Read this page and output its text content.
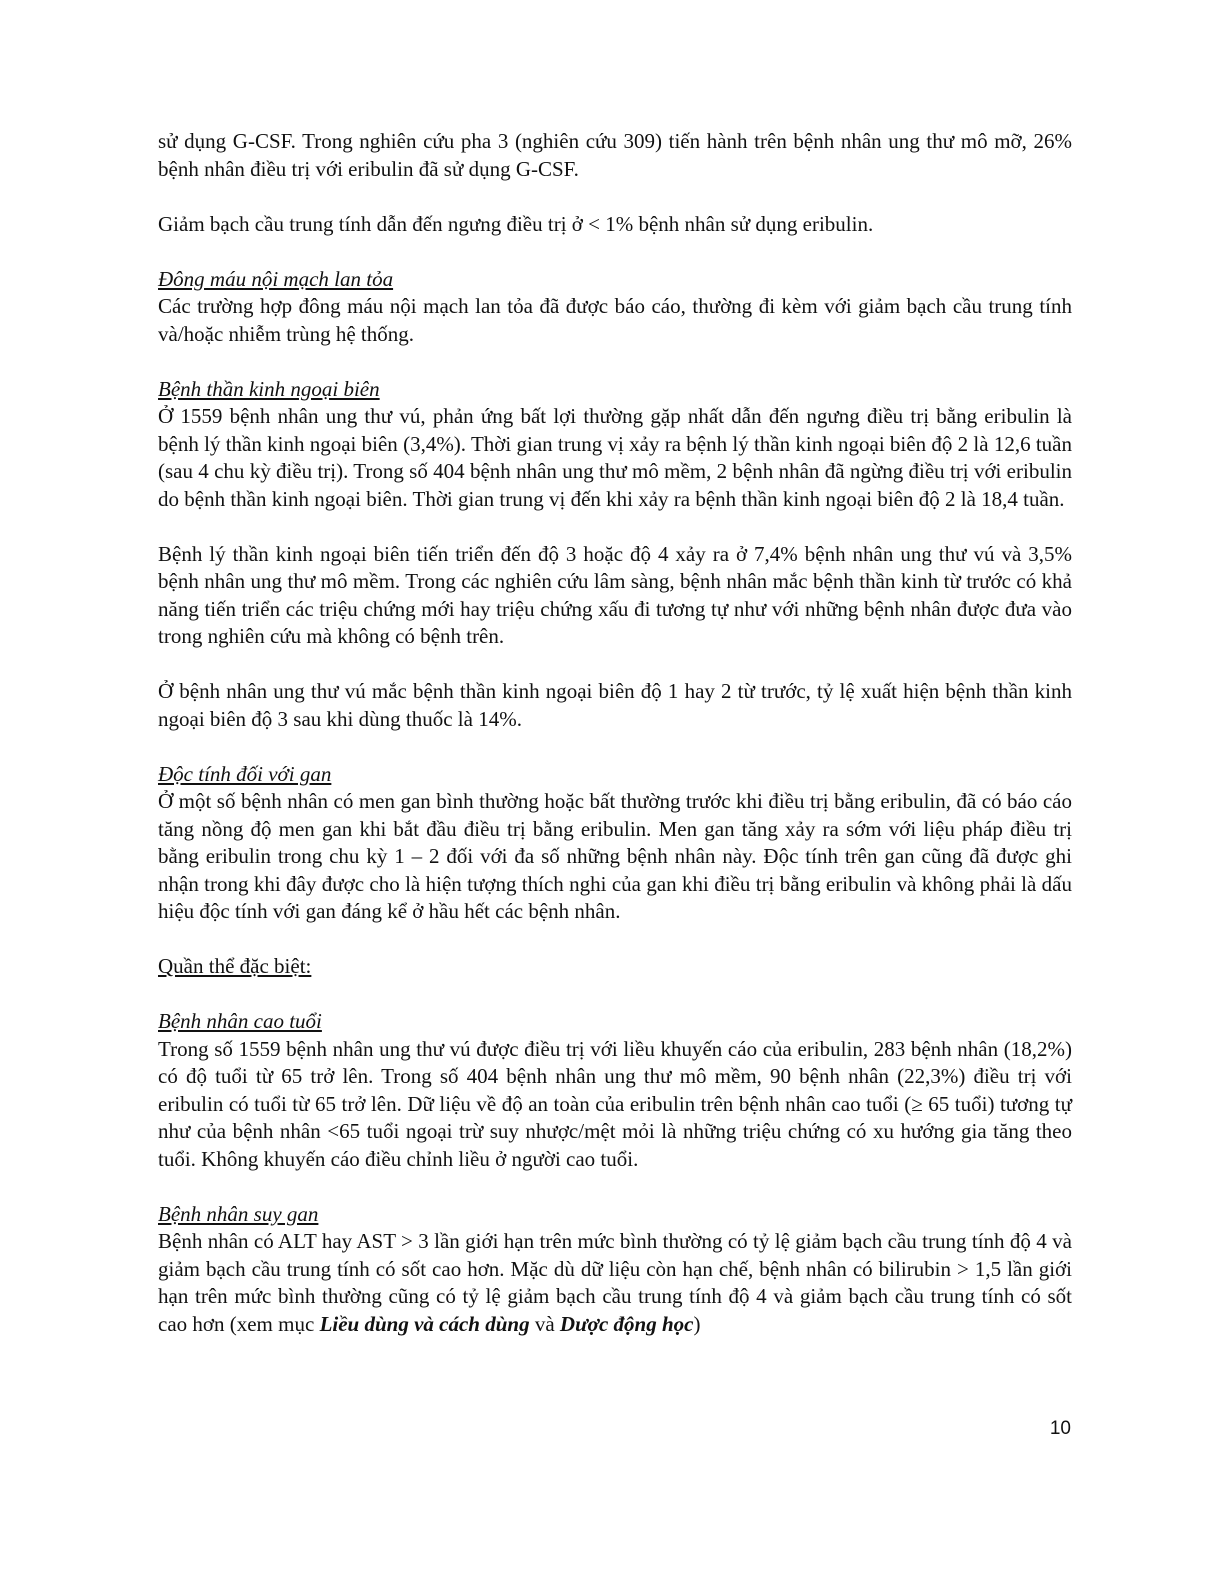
sử dụng G-CSF. Trong nghiên cứu pha 3 (nghiên cứu 309) tiến hành trên bệnh nhân ung thư mô mỡ, 26% bệnh nhân điều trị với eribulin đã sử dụng G-CSF.

Giảm bạch cầu trung tính dẫn đến ngưng điều trị ở < 1% bệnh nhân sử dụng eribulin.

Đông máu nội mạch lan tỏa

Các trường hợp đông máu nội mạch lan tỏa đã được báo cáo, thường đi kèm với giảm bạch cầu trung tính và/hoặc nhiễm trùng hệ thống.

Bệnh thần kinh ngoại biên

Ở 1559 bệnh nhân ung thư vú, phản ứng bất lợi thường gặp nhất dẫn đến ngưng điều trị bằng eribulin là bệnh lý thần kinh ngoại biên (3,4%). Thời gian trung vị xảy ra bệnh lý thần kinh ngoại biên độ 2 là 12,6 tuần (sau 4 chu kỳ điều trị). Trong số 404 bệnh nhân ung thư mô mềm, 2 bệnh nhân đã ngừng điều trị với eribulin do bệnh thần kinh ngoại biên. Thời gian trung vị đến khi xảy ra bệnh thần kinh ngoại biên độ 2 là 18,4 tuần.

Bệnh lý thần kinh ngoại biên tiến triển đến độ 3 hoặc độ 4 xảy ra ở 7,4% bệnh nhân ung thư vú và 3,5% bệnh nhân ung thư mô mềm. Trong các nghiên cứu lâm sàng, bệnh nhân mắc bệnh thần kinh từ trước có khả năng tiến triển các triệu chứng mới hay triệu chứng xấu đi tương tự như với những bệnh nhân được đưa vào trong nghiên cứu mà không có bệnh trên.

Ở bệnh nhân ung thư vú mắc bệnh thần kinh ngoại biên độ 1 hay 2 từ trước, tỷ lệ xuất hiện bệnh thần kinh ngoại biên độ 3 sau khi dùng thuốc là 14%.

Độc tính đối với gan

Ở một số bệnh nhân có men gan bình thường hoặc bất thường trước khi điều trị bằng eribulin, đã có báo cáo tăng nồng độ men gan khi bắt đầu điều trị bằng eribulin. Men gan tăng xảy ra sớm với liệu pháp điều trị bằng eribulin trong chu kỳ 1 – 2 đối với đa số những bệnh nhân này. Độc tính trên gan cũng đã được ghi nhận trong khi đây được cho là hiện tượng thích nghi của gan khi điều trị bằng eribulin và không phải là dấu hiệu độc tính với gan đáng kể ở hầu hết các bệnh nhân.

Quần thể đặc biệt:
Bệnh nhân cao tuổi

Trong số 1559 bệnh nhân ung thư vú được điều trị với liều khuyến cáo của eribulin, 283 bệnh nhân (18,2%) có độ tuổi từ 65 trở lên. Trong số 404 bệnh nhân ung thư mô mềm, 90 bệnh nhân (22,3%) điều trị với eribulin có tuổi từ 65 trở lên. Dữ liệu về độ an toàn của eribulin trên bệnh nhân cao tuổi (≥ 65 tuổi) tương tự như của bệnh nhân <65 tuổi ngoại trừ suy nhược/mệt mỏi là những triệu chứng có xu hướng gia tăng theo tuổi. Không khuyến cáo điều chỉnh liều ở người cao tuổi.

Bệnh nhân suy gan

Bệnh nhân có ALT hay AST > 3 lần giới hạn trên mức bình thường có tỷ lệ giảm bạch cầu trung tính độ 4 và giảm bạch cầu trung tính có sốt cao hơn. Mặc dù dữ liệu còn hạn chế, bệnh nhân có bilirubin > 1,5 lần giới hạn trên mức bình thường cũng có tỷ lệ giảm bạch cầu trung tính độ 4 và giảm bạch cầu trung tính có sốt cao hơn (xem mục Liều dùng và cách dùng và Dược động học)

10
